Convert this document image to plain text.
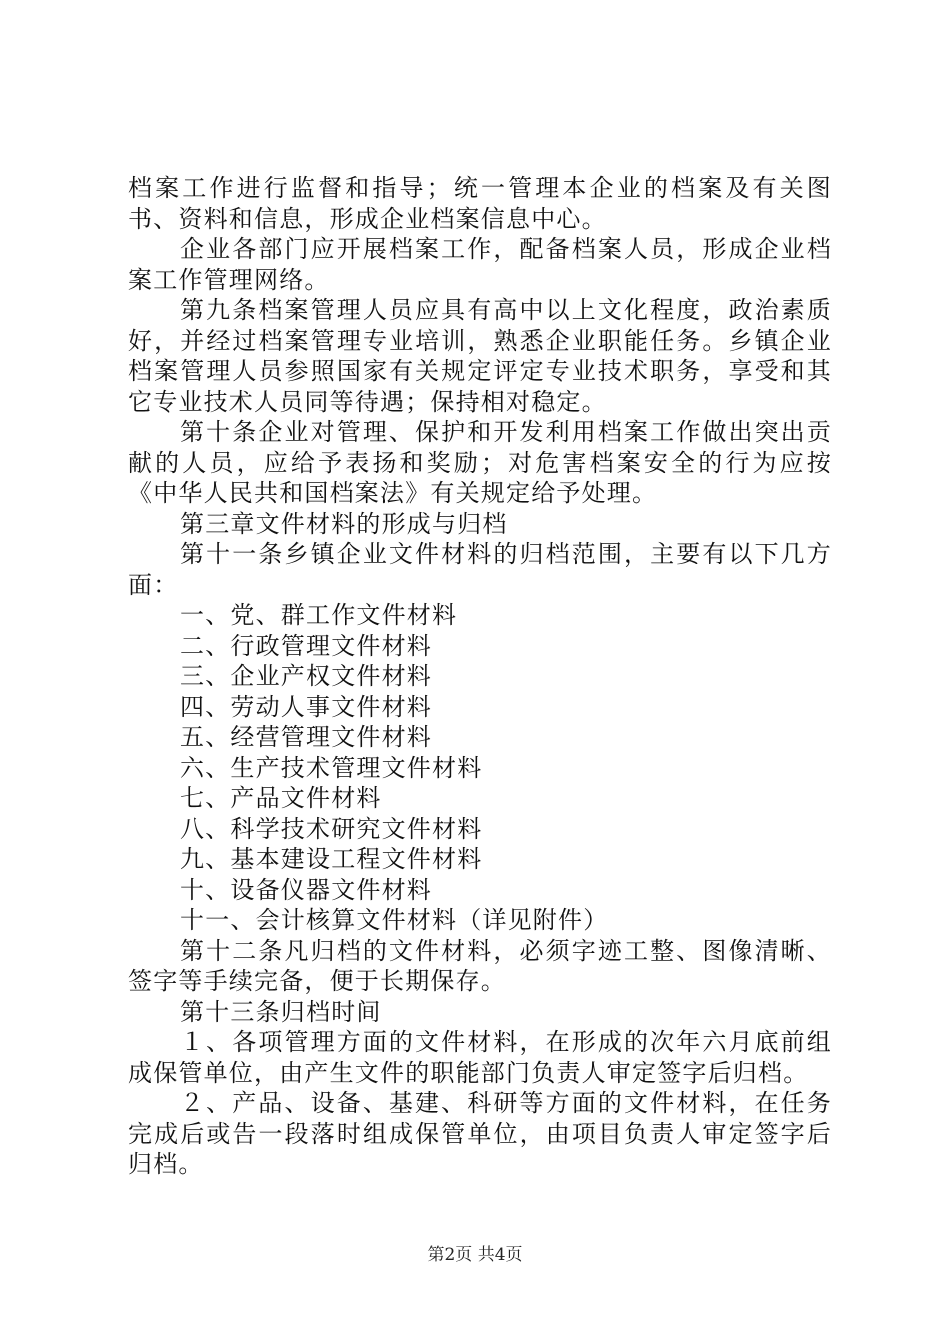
档案工作进行监督和指导；统一管理本企业的档案及有关图书、资料和信息，形成企业档案信息中心。

企业各部门应开展档案工作，配备档案人员，形成企业档案工作管理网络。

第九条档案管理人员应具有高中以上文化程度，政治素质好，并经过档案管理专业培训，熟悉企业职能任务。乡镇企业档案管理人员参照国家有关规定评定专业技术职务，享受和其它专业技术人员同等待遇；保持相对稳定。

第十条企业对管理、保护和开发利用档案工作做出突出贡献的人员，应给予表扬和奖励；对危害档案安全的行为应按《中华人民共和国档案法》有关规定给予处理。

第三章文件材料的形成与归档

第十一条乡镇企业文件材料的归档范围，主要有以下几方面：

一、党、群工作文件材料

二、行政管理文件材料

三、企业产权文件材料

四、劳动人事文件材料

五、经营管理文件材料

六、生产技术管理文件材料

七、产品文件材料

八、科学技术研究文件材料

九、基本建设工程文件材料

十、设备仪器文件材料

十一、会计核算文件材料（详见附件）

第十二条凡归档的文件材料，必须字迹工整、图像清晰、签字等手续完备，便于长期保存。

第十三条归档时间

１、各项管理方面的文件材料，在形成的次年六月底前组成保管单位，由产生文件的职能部门负责人审定签字后归档。

２、产品、设备、基建、科研等方面的文件材料，在任务完成后或告一段落时组成保管单位，由项目负责人审定签字后归档。

第2页 共4页
